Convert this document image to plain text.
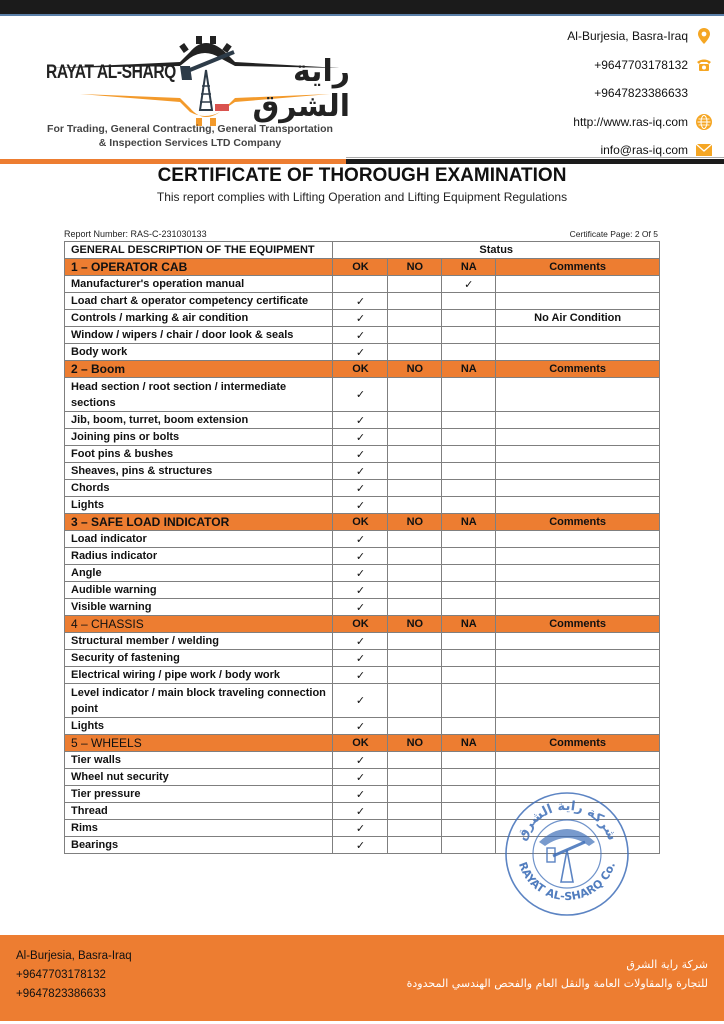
RAYAT AL-SHARQ	راية الشرق
For Trading, General Contracting, General Transportation
& Inspection Services LTD Company
Al-Burjesia, Basra-Iraq
+9647703178132
+9647823386633
http://www.ras-iq.com
info@ras-iq.com
CERTIFICATE OF THOROUGH EXAMINATION
This report complies with Lifting Operation and Lifting Equipment Regulations
Report Number: RAS-C-231030133	Certificate Page: 2 Of 5
GENERAL DESCRIPTION OF THE EQUIPMENT	Status			
1 – OPERATOR CAB	OK	NO	NA	Comments
Manufacturer's operation manual			✓	
Load chart & operator competency certificate	✓			
Controls / marking & air condition	✓			No Air Condition
Window / wipers / chair / door look & seals	✓			
Body work	✓			
2 – Boom	OK	NO	NA	Comments
Head section / root section / intermediate sections	✓			
Jib, boom, turret, boom extension	✓			
Joining pins or bolts	✓			
Foot pins & bushes	✓			
Sheaves, pins & structures	✓			
Chords	✓			
Lights	✓			
3 – SAFE LOAD INDICATOR	OK	NO	NA	Comments
Load indicator	✓			
Radius indicator	✓			
Angle	✓			
Audible warning	✓			
Visible warning	✓			
4 – CHASSIS	OK	NO	NA	Comments
Structural member / welding	✓			
Security of fastening	✓			
Electrical wiring / pipe work / body work	✓			
Level indicator / main block traveling connection point	✓			
Lights	✓			
5 – WHEELS	OK	NO	NA	Comments
Tier walls	✓			
Wheel nut security	✓			
Tier pressure	✓			
Thread	✓			
Rims	✓			
Bearings	✓			
شركة راية الشرق
RAYAT AL-SHARQ Co.
Al-Burjesia, Basra-Iraq
+9647703178132
+9647823386633
شركة راية الشرق
للتجارة والمقاولات العامة والنقل العام والفحص الهندسي المحدودة
